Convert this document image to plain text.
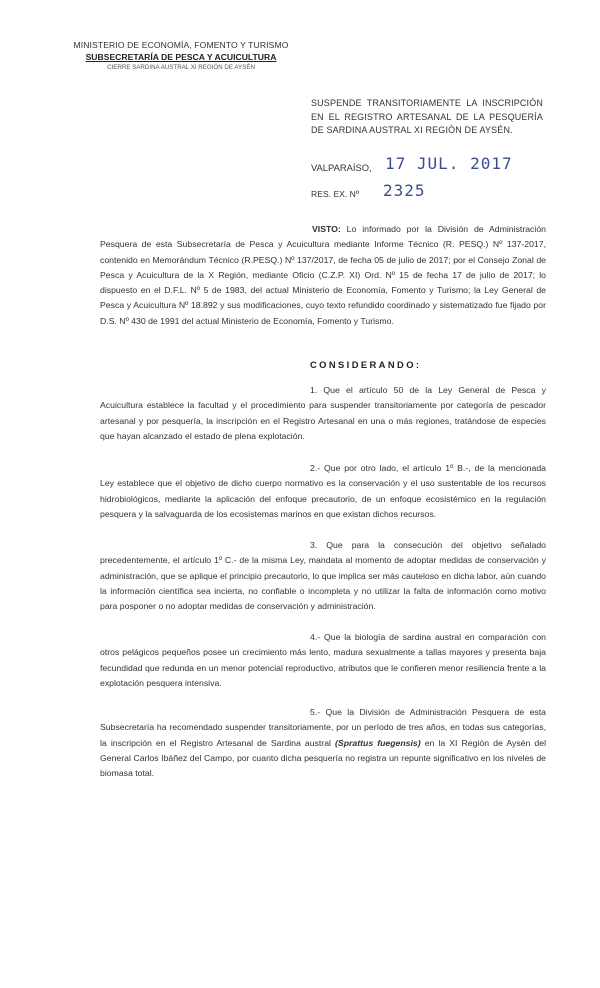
MINISTERIO DE ECONOMÍA, FOMENTO Y TURISMO
SUBSECRETARÍA DE PESCA Y ACUICULTURA
CIERRE SARDINA AUSTRAL XI REGIÓN DE AYSÉN
SUSPENDE TRANSITORIAMENTE LA INSCRIPCIÓN EN EL REGISTRO ARTESANAL DE LA PESQUERÍA DE SARDINA AUSTRAL XI REGIÓN DE AYSÉN.
VALPARAÍSO, 17 JUL. 2017
RES. EX. Nº 2325
VISTO: Lo informado por la División de Administración Pesquera de esta Subsecretaría de Pesca y Acuicultura mediante Informe Técnico (R. PESQ.) Nº 137-2017, contenido en Memorándum Técnico (R.PESQ.) Nº 137/2017, de fecha 05 de julio de 2017; por el Consejo Zonal de Pesca y Acuicultura de la X Región, mediante Oficio (C.Z.P. XI) Ord. Nº 15 de fecha 17 de julio de 2017; lo dispuesto en el D.F.L. Nº 5 de 1983, del actual Ministerio de Economía, Fomento y Turismo; la Ley General de Pesca y Acuicultura Nº 18.892 y sus modificaciones, cuyo texto refundido coordinado y sistematizado fue fijado por D.S. Nº 430 de 1991 del actual Ministerio de Economía, Fomento y Turismo.
CONSIDERANDO:
1. Que el artículo 50 de la Ley General de Pesca y Acuicultura establece la facultad y el procedimiento para suspender transitoriamente por categoría de pescador artesanal y por pesquería, la inscripción en el Registro Artesanal en una o más regiones, tratándose de especies que hayan alcanzado el estado de plena explotación.
2.- Que por otro lado, el artículo 1º B.-, de la mencionada Ley establece que el objetivo de dicho cuerpo normativo es la conservación y el uso sustentable de los recursos hidrobiológicos, mediante la aplicación del enfoque precautorio, de un enfoque ecosistémico en la regulación pesquera y la salvaguarda de los ecosistemas marinos en que existan dichos recursos.
3. Que para la consecución del objetivo señalado precedentemente, el artículo 1º C.- de la misma Ley, mandata al momento de adoptar medidas de conservación y administración, que se aplique el principio precautorio, lo que implica ser más cauteloso en dicha labor, aún cuando la información científica sea incierta, no confiable o incompleta y no utilizar la falta de información como motivo para posponer o no adoptar medidas de conservación y administración.
4.- Que la biología de sardina austral en comparación con otros pelágicos pequeños posee un crecimiento más lento, madura sexualmente a tallas mayores y presenta baja fecundidad que redunda en un menor potencial reproductivo, atributos que le confieren menor resiliencia frente a la explotación pesquera intensiva.
5.- Que la División de Administración Pesquera de esta Subsecretaría ha recomendado suspender transitoriamente, por un período de tres años, en todas sus categorías, la inscripción en el Registro Artesanal de Sardina austral (Sprattus fuegensis) en la XI Región de Aysén del General Carlos Ibáñez del Campo, por cuanto dicha pesquería no registra un repunte significativo en los niveles de biomasa total.
